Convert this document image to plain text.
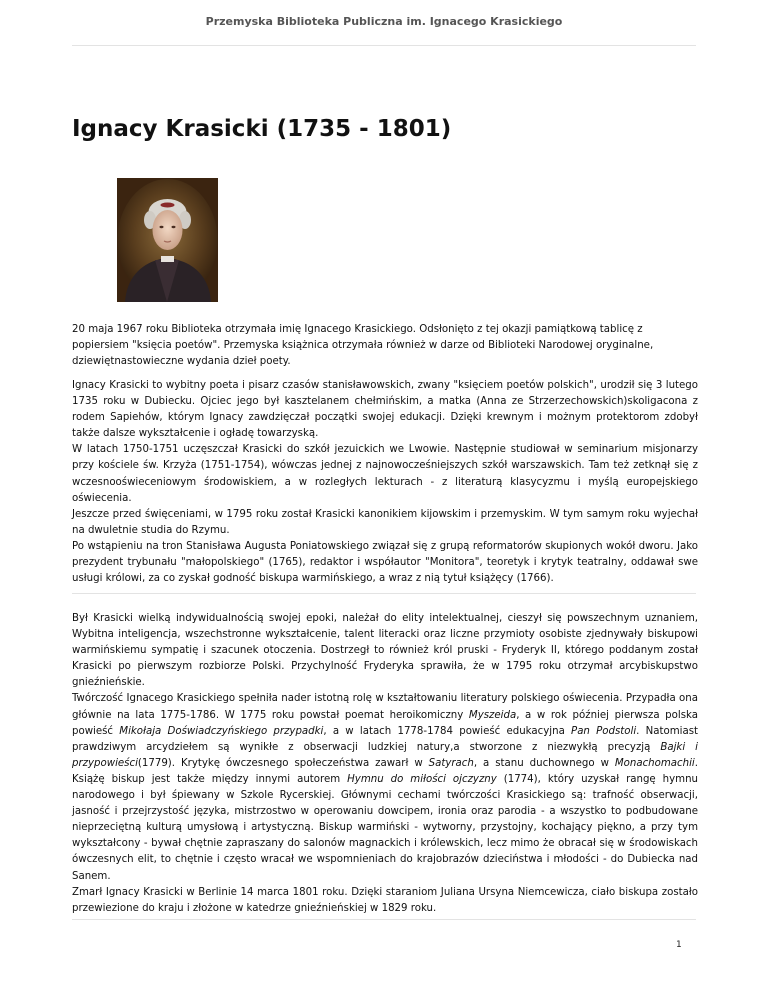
Przemyska Biblioteka Publiczna im. Ignacego Krasickiego
Ignacy Krasicki (1735 - 1801)

20 maja 1967 roku Biblioteka otrzymała imię Ignacego Krasickiego. Odsłonięto z tej okazji pamiątkową tablicę z popiersiem "księcia poetów". Przemyska książnica otrzymała również w darze od Biblioteki Narodowej oryginalne, dziewiętnastowieczne wydania dzieł poety.

Ignacy Krasicki to wybitny poeta i pisarz czasów stanisławowskich, zwany "księciem poetów polskich", urodził się 3 lutego 1735 roku w Dubiecku. Ojciec jego był kasztelanem chełmińskim, a matka (Anna ze Strzerzechowskich)skoligacona z rodem Sapiehów, którym Ignacy zawdzięczał początki swojej edukacji. Dzięki krewnym i możnym protektorom zdobył także dalsze wykształcenie i ogładę towarzyską.

W latach 1750-1751 uczęszczał Krasicki do szkół jezuickich we Lwowie. Następnie studiował w seminarium misjonarzy przy kościele św. Krzyża (1751-1754), wówczas jednej z najnowocześniejszych szkół warszawskich. Tam też zetknął się z wczesnooświeceniowym środowiskiem, a w rozległych lekturach - z literaturą klasycyzmu i myślą europejskiego oświecenia.

Jeszcze przed święceniami, w 1795 roku został Krasicki kanonikiem kijowskim i przemyskim. W tym samym roku wyjechał na dwuletnie studia do Rzymu.

Po wstąpieniu na tron Stanisława Augusta Poniatowskiego związał się z grupą reformatorów skupionych wokół dworu. Jako prezydent trybunału "małopolskiego" (1765), redaktor i współautor "Monitora", teoretyk i krytyk teatralny, oddawał swe usługi królowi, za co zyskał godność biskupa warmińskiego, a wraz z nią tytuł książęcy (1766).

Był Krasicki wielką indywidualnością swojej epoki, należał do elity intelektualnej, cieszył się powszechnym uznaniem, Wybitna inteligencja, wszechstronne wykształcenie, talent literacki oraz liczne przymioty osobiste zjednywały biskupowi warmińskiemu sympatię i szacunek otoczenia. Dostrzegł to również król pruski - Fryderyk II, którego poddanym został Krasicki po pierwszym rozbiorze Polski. Przychylność Fryderyka sprawiła, że w 1795 roku otrzymał arcybiskupstwo gnieźnieńskie.

Twórczość Ignacego Krasickiego spełniła nader istotną rolę w kształtowaniu literatury polskiego oświecenia. Przypadła ona głównie na lata 1775-1786. W 1775 roku powstał poemat heroikomiczny Myszeida, a w rok później pierwsza polska powieść Mikołaja Doświadczyńskiego przypadki, a w latach 1778-1784 powieść edukacyjna Pan Podstoli. Natomiast prawdziwym arcydziełem są wynikłe z obserwacji ludzkiej natury,a stworzone z niezwykłą precyzją Bajki i przypowieści(1779). Krytykę ówczesnego społeczeństwa zawarł w Satyrach, a stanu duchownego w Monachomachii. Książę biskup jest także między innymi autorem Hymnu do miłości ojczyzny (1774), który uzyskał rangę hymnu narodowego i był śpiewany w Szkole Rycerskiej. Głównymi cechami twórczości Krasickiego są: trafność obserwacji, jasność i przejrzystość języka, mistrzostwo w operowaniu dowcipem, ironia oraz parodia - a wszystko to podbudowane nieprzeciętną kulturą umysłową i artystyczną. Biskup warmiński - wytworny, przystojny, kochający piękno, a przy tym wykształcony - bywał chętnie zapraszany do salonów magnackich i królewskich, lecz mimo że obracał się w środowiskach ówczesnych elit, to chętnie i często wracał we wspomnieniach do krajobrazów dzieciństwa i młodości - do Dubiecka nad Sanem.

Zmarł Ignacy Krasicki w Berlinie 14 marca 1801 roku. Dzięki staraniom Juliana Ursyna Niemcewicza, ciało biskupa zostało przewiezione do kraju i złożone w katedrze gnieźnieńskiej w 1829 roku.

1
